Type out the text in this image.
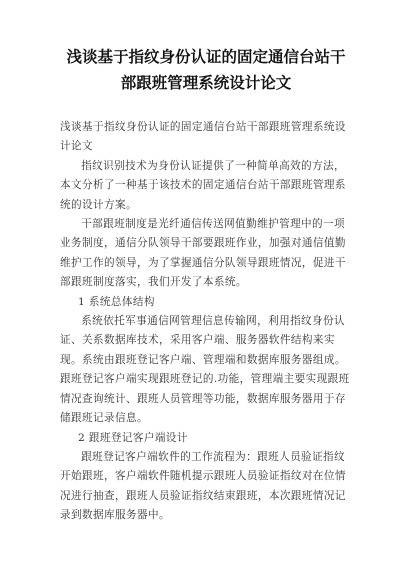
浅谈基于指纹身份认证的固定通信台站干
部跟班管理系统设计论文

浅谈基于指纹身份认证的固定通信台站干部跟班管理系统设计论文

指纹识别技术为身份认证提供了一种简单高效的方法，本文分析了一种基于该技术的固定通信台站干部跟班管理系统的设计方案。

干部跟班制度是光纤通信传送网值勤维护管理中的一项业务制度，通信分队领导干部要跟班作业，加强对通信值勤维护工作的领导，为了掌握通信分队领导跟班情况，促进干部跟班制度落实，我们开发了本系统。

1 系统总体结构

系统依托军事通信网管理信息传输网，利用指纹身份认证、关系数据库技术，采用客户端、服务器软件结构来实现。系统由跟班登记客户端、管理端和数据库服务器组成。跟班登记客户端实现跟班登记的.功能，管理端主要实现跟班情况查询统计、跟班人员管理等功能，数据库服务器用于存储跟班记录信息。

2 跟班登记客户端设计

跟班登记客户端软件的工作流程为：跟班人员验证指纹开始跟班，客户端软件随机提示跟班人员验证指纹对在位情况进行抽查，跟班人员验证指纹结束跟班，本次跟班情况记录到数据库服务器中。
